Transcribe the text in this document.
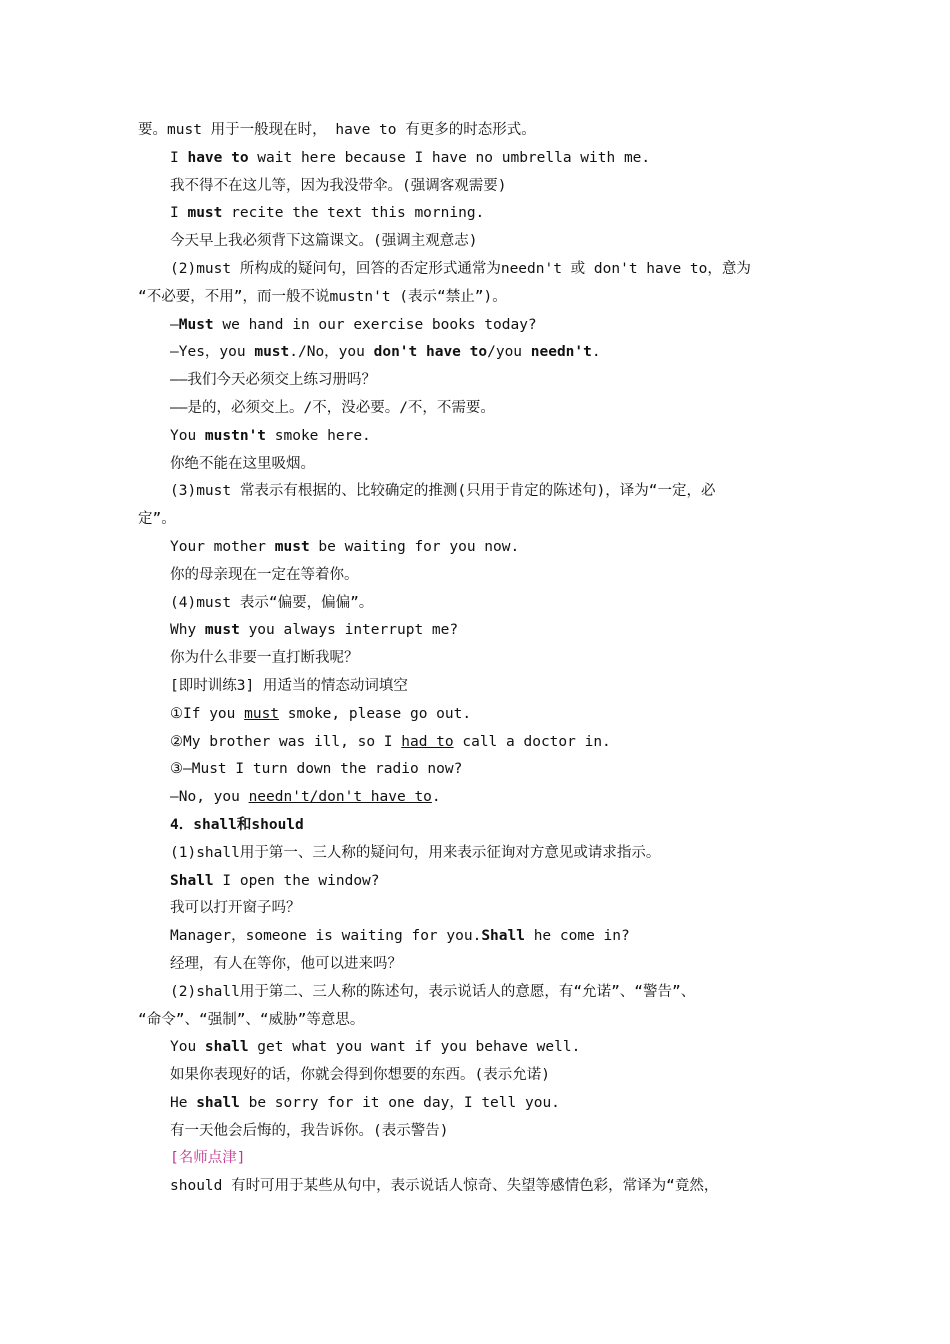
要。must 用于一般现在时， have to 有更多的时态形式。
I have to wait here because I have no umbrella with me.
我不得不在这儿等，因为我没带伞。(强调客观需要)
I must recite the text this morning.
今天早上我必须背下这篇课文。(强调主观意志)
(2)must 所构成的疑问句，回答的否定形式通常为needn't 或 don't have to，意为
“不必要，不用”，而一般不说mustn't (表示“禁止”)。
—Must we hand in our exercise books today?
—Yes，you must./No，you don't have to/you needn't.
——我们今天必须交上练习册吗？
——是的，必须交上。/不，没必要。/不，不需要。
You mustn't smoke here.
你绝不能在这里吸烟。
(3)must 常表示有根据的、比较确定的推测(只用于肯定的陈述句)，译为“一定，必
定”。
Your mother must be waiting for you now.
你的母亲现在一定在等着你。
(4)must 表示“偏要，偏偏”。
Why must you always interrupt me?
你为什么非要一直打断我呢？
[即时训练3] 用适当的情态动词填空
①If you must smoke, please go out.
②My brother was ill, so I had to call a doctor in.
③—Must I turn down the radio now?
—No, you needn't/don't have to.
4．shall和should
(1)shall用于第一、三人称的疑问句，用来表示征询对方意见或请求指示。
Shall I open the window?
我可以打开窗子吗？
Manager，someone is waiting for you.Shall he come in?
经理，有人在等你，他可以进来吗？
(2)shall用于第二、三人称的陈述句，表示说话人的意愿，有“允诺”、“警告”、
“命令”、“强制”、“威胁”等意思。
You shall get what you want if you behave well.
如果你表现好的话，你就会得到你想要的东西。(表示允诺)
He shall be sorry for it one day，I tell you.
有一天他会后悔的，我告诉你。(表示警告)
[名师点津]
should 有时可用于某些从句中，表示说话人惊奇、失望等感情色彩，常译为“竟然，
